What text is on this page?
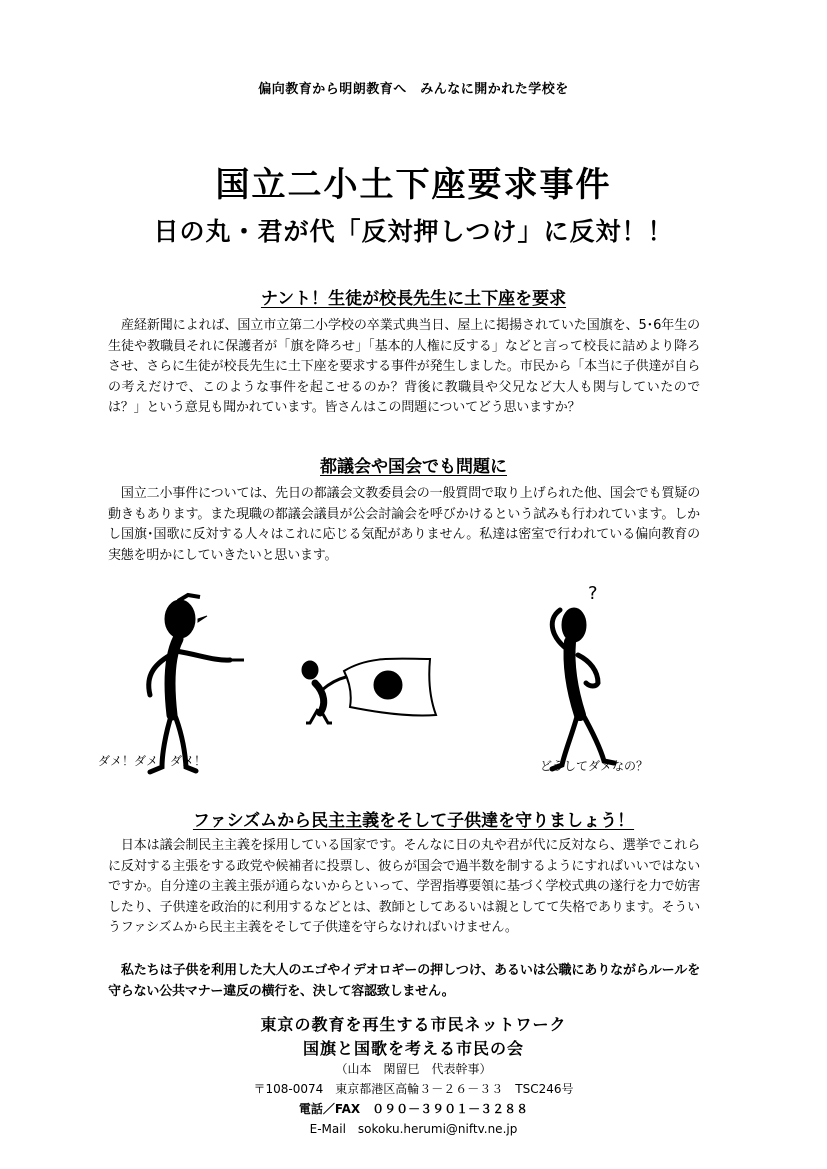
偏向教育から明朗教育へ　みんなに開かれた学校を
国立二小土下座要求事件
日の丸・君が代「反対押しつけ」に反対！！
ナント！生徒が校長先生に土下座を要求
　産経新聞によれば、国立市立第二小学校の卒業式典当日、屋上に掲揚されていた国旗を、5･6年生の生徒や教職員それに保護者が「旗を降ろせ」「基本的人権に反する」などと言って校長に詰めより降ろさせ、さらに生徒が校長先生に土下座を要求する事件が発生しました。市民から「本当に子供達が自らの考えだけで、このような事件を起こせるのか？背後に教職員や父兄など大人も関与していたのでは？」という意見も聞かれています。皆さんはこの問題についてどう思いますか？
都議会や国会でも問題に
　国立二小事件については、先日の都議会文教委員会の一般質問で取り上げられた他、国会でも質疑の動きもあります。また現職の都議会議員が公会討論会を呼びかけるという試みも行われています。しかし国旗･国歌に反対する人々はこれに応じる気配がありません。私達は密室で行われている偏向教育の実態を明かにしていきたいと思います。
?
ダメ！ダメ！ダメ！	どうしてダメなの？
ファシズムから民主主義をそして子供達を守りましょう！
　日本は議会制民主主義を採用している国家です。そんなに日の丸や君が代に反対なら、選挙でこれらに反対する主張をする政党や候補者に投票し、彼らが国会で過半数を制するようにすればいいではないですか。自分達の主義主張が通らないからといって、学習指導要領に基づく学校式典の遂行を力で妨害したり、子供達を政治的に利用するなどとは、教師としてあるいは親としてて失格であります。そういうファシズムから民主主義をそして子供達を守らなければいけません。
　私たちは子供を利用した大人のエゴやイデオロギーの押しつけ、あるいは公職にありながらルールを守らない公共マナー違反の横行を、決して容認致しません。
東京の教育を再生する市民ネットワーク
国旗と国歌を考える市民の会
（山本　閑留巳　代表幹事）
〒108-0074　東京都港区高輪３－２６－３３　TSC246号
電話／FAX　０９０－３９０１－３２８８
E-Mail　sokoku.herumi@niftv.ne.jp
